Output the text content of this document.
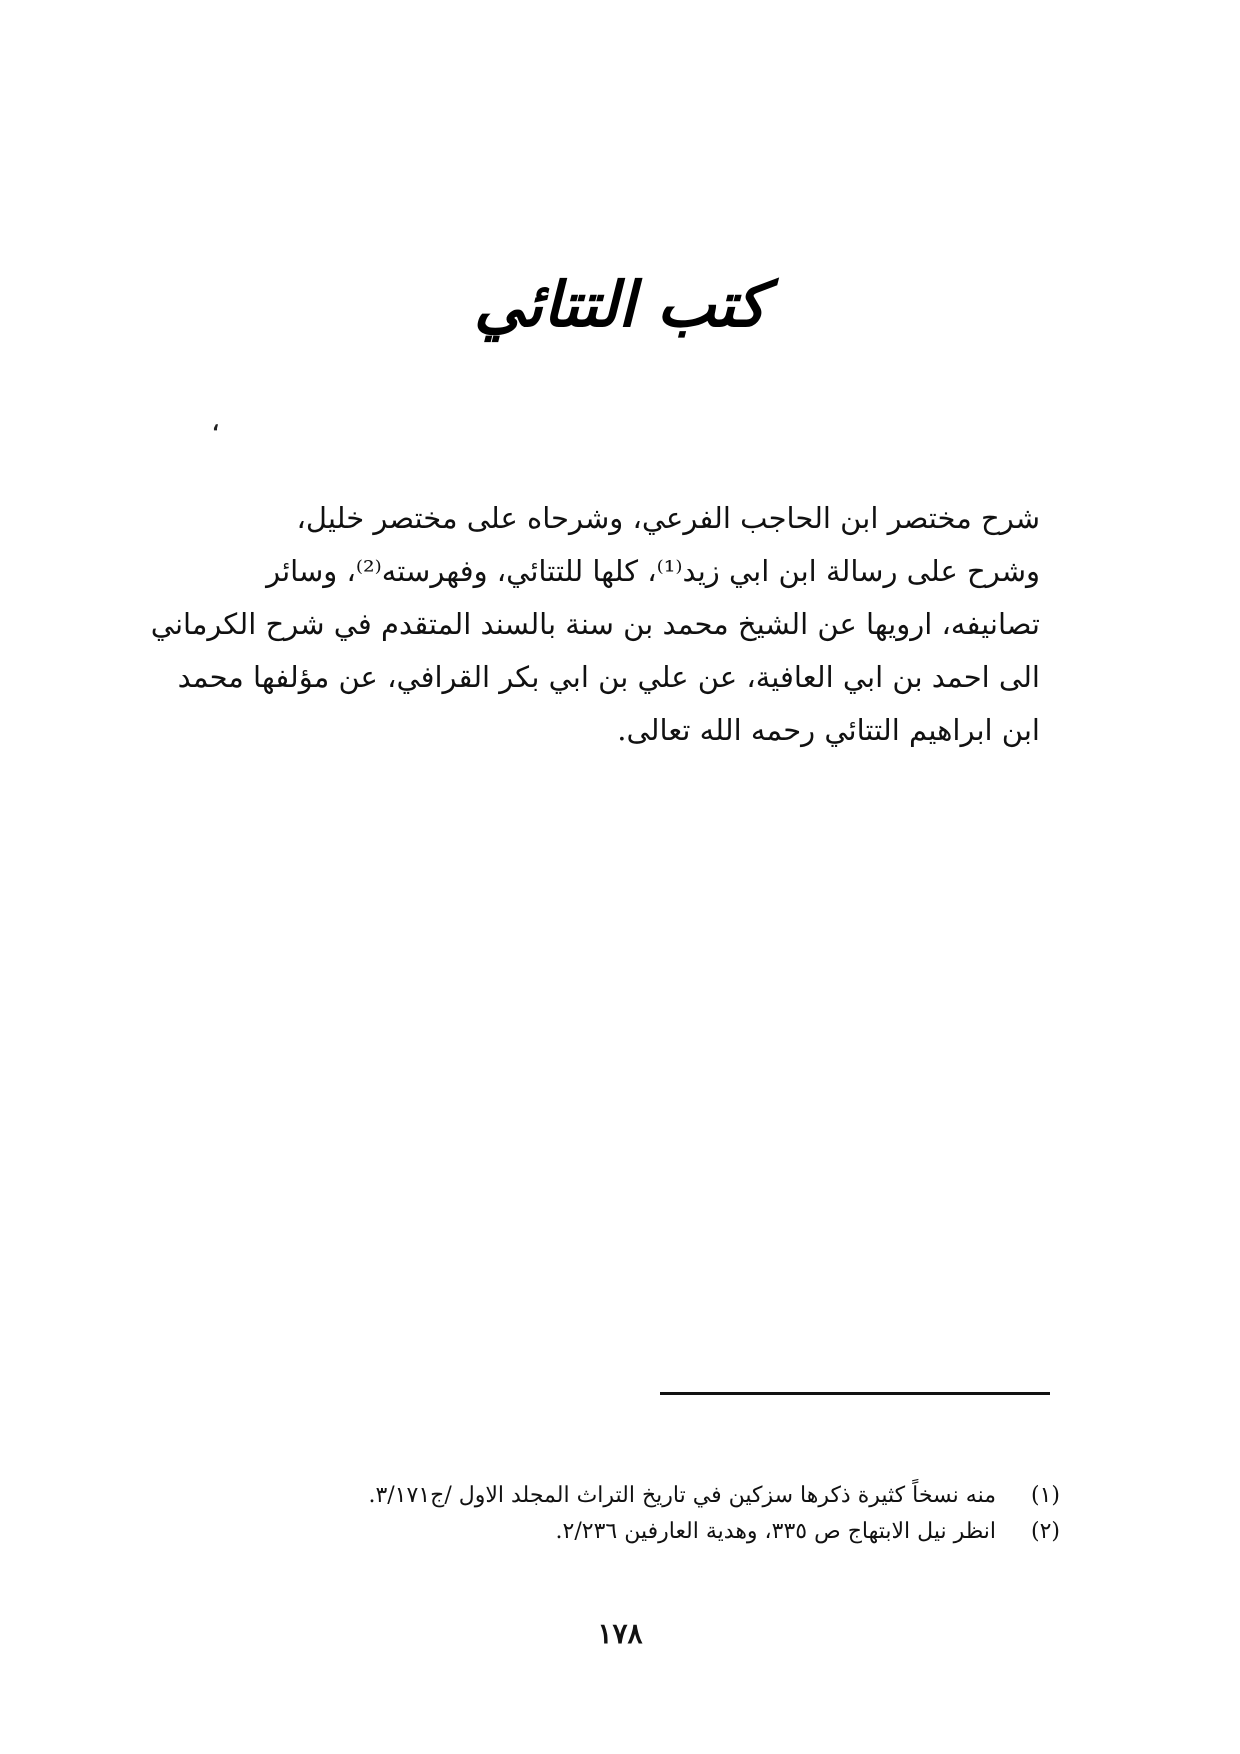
كتب التتائي
،
شرح مختصر ابن الحاجب الفرعي، وشرحاه على مختصر خليل،
وشرح على رسالة ابن ابي زيد⁽¹⁾، كلها للتتائي، وفهرسته⁽²⁾، وسائر
تصانيفه، ارويها عن الشيخ محمد بن سنة بالسند المتقدم في شرح الكرماني
الى احمد بن ابي العافية، عن علي بن ابي بكر القرافي، عن مؤلفها محمد
ابن ابراهيم التتائي رحمه الله تعالى.
(١)
منه نسخاً كثيرة ذكرها سزكين في تاريخ التراث المجلد الاول /ج٣/١٧١.
(٢)
انظر نيل الابتهاج ص ٣٣٥، وهدية العارفين ٢/٢٣٦.
١٧٨
